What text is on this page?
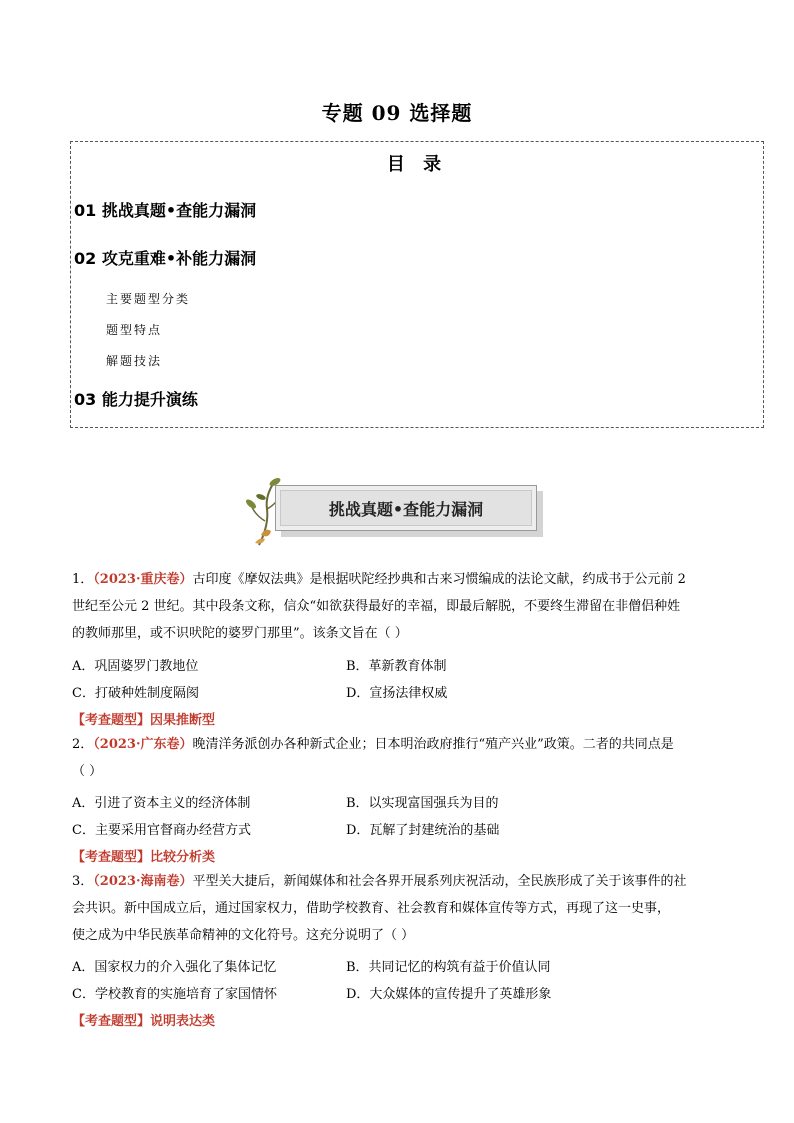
专题 09 选择题
目 录
01 挑战真题•查能力漏洞
02 攻克重难•补能力漏洞
主要题型分类
题型特点
解题技法
03 能力提升演练
挑战真题•查能力漏洞
1．（2023·重庆卷）古印度《摩奴法典》是根据吠陀经抄典和古来习惯编成的法论文献，约成书于公元前 2
世纪至公元 2 世纪。其中段条文称，信众“如欲获得最好的幸福，即最后解脱，不要终生滞留在非僧侣种姓
的教师那里，或不识吠陀的婆罗门那里”。该条文旨在（ ）
A．巩固婆罗门教地位	B．革新教育体制
C．打破种姓制度隔阂	D．宣扬法律权威
【考查题型】因果推断型
2．（2023·广东卷）晚清洋务派创办各种新式企业；日本明治政府推行“殖产兴业”政策。二者的共同点是
（ ）
A．引进了资本主义的经济体制	B．以实现富国强兵为目的
C．主要采用官督商办经营方式	D．瓦解了封建统治的基础
【考查题型】比较分析类
3．（2023·海南卷）平型关大捷后，新闻媒体和社会各界开展系列庆祝活动，全民族形成了关于该事件的社
会共识。新中国成立后，通过国家权力，借助学校教育、社会教育和媒体宣传等方式，再现了这一史事，
使之成为中华民族革命精神的文化符号。这充分说明了（ ）
A．国家权力的介入强化了集体记忆	B．共同记忆的构筑有益于价值认同
C．学校教育的实施培育了家国情怀	D．大众媒体的宣传提升了英雄形象
【考查题型】说明表达类
